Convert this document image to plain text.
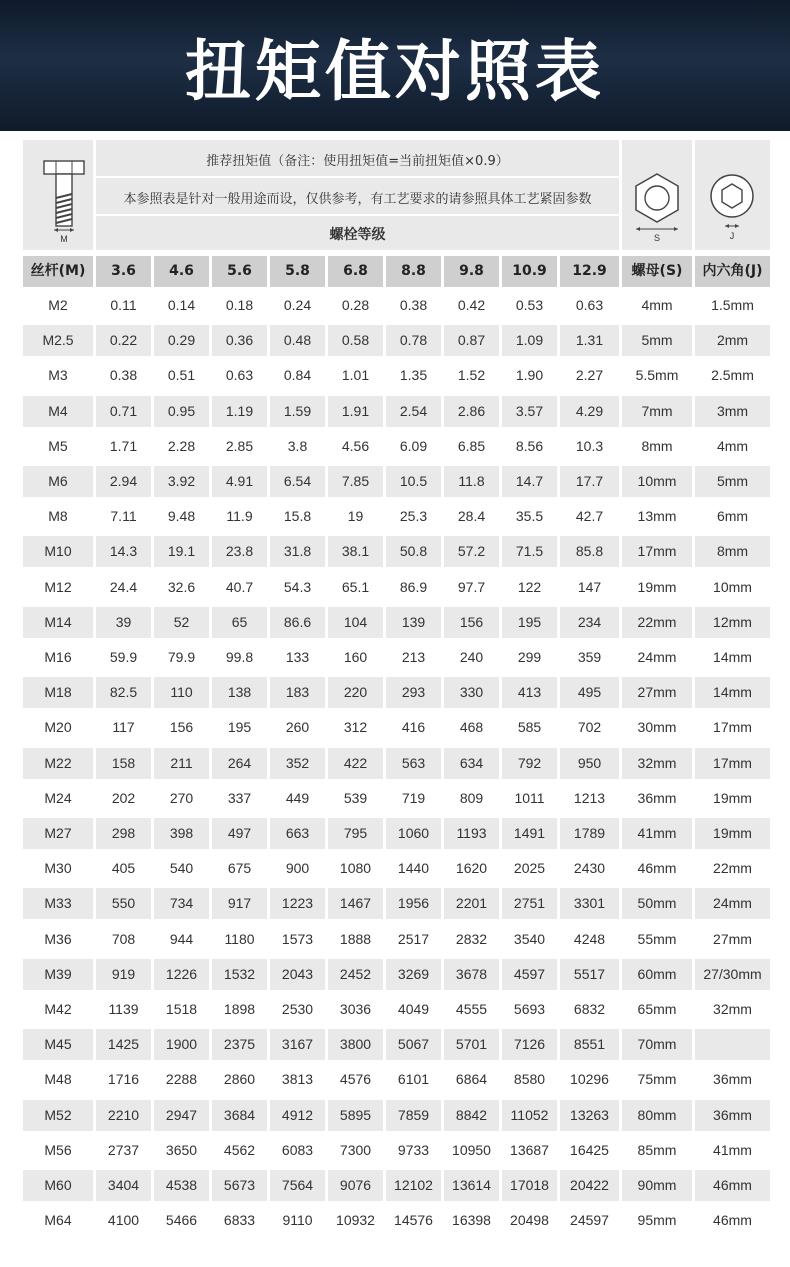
扭矩值对照表
M
推荐扭矩值（备注：使用扭矩值=当前扭矩值×0.9）
本参照表是针对一般用途而设，仅供参考，有工艺要求的请参照具体工艺紧固参数
螺栓等级	S	J
丝杆(M)	3.6	4.6	5.6	5.8	6.8	8.8	9.8	10.9	12.9	螺母(S)	内六角(J)
M2	0.11	0.14	0.18	0.24	0.28	0.38	0.42	0.53	0.63	4mm	1.5mm
M2.5	0.22	0.29	0.36	0.48	0.58	0.78	0.87	1.09	1.31	5mm	2mm
M3	0.38	0.51	0.63	0.84	1.01	1.35	1.52	1.90	2.27	5.5mm	2.5mm
M4	0.71	0.95	1.19	1.59	1.91	2.54	2.86	3.57	4.29	7mm	3mm
M5	1.71	2.28	2.85	3.8	4.56	6.09	6.85	8.56	10.3	8mm	4mm
M6	2.94	3.92	4.91	6.54	7.85	10.5	11.8	14.7	17.7	10mm	5mm
M8	7.11	9.48	11.9	15.8	19	25.3	28.4	35.5	42.7	13mm	6mm
M10	14.3	19.1	23.8	31.8	38.1	50.8	57.2	71.5	85.8	17mm	8mm
M12	24.4	32.6	40.7	54.3	65.1	86.9	97.7	122	147	19mm	10mm
M14	39	52	65	86.6	104	139	156	195	234	22mm	12mm
M16	59.9	79.9	99.8	133	160	213	240	299	359	24mm	14mm
M18	82.5	110	138	183	220	293	330	413	495	27mm	14mm
M20	117	156	195	260	312	416	468	585	702	30mm	17mm
M22	158	211	264	352	422	563	634	792	950	32mm	17mm
M24	202	270	337	449	539	719	809	1011	1213	36mm	19mm
M27	298	398	497	663	795	1060	1193	1491	1789	41mm	19mm
M30	405	540	675	900	1080	1440	1620	2025	2430	46mm	22mm
M33	550	734	917	1223	1467	1956	2201	2751	3301	50mm	24mm
M36	708	944	1180	1573	1888	2517	2832	3540	4248	55mm	27mm
M39	919	1226	1532	2043	2452	3269	3678	4597	5517	60mm	27/30mm
M42	1139	1518	1898	2530	3036	4049	4555	5693	6832	65mm	32mm
M45	1425	1900	2375	3167	3800	5067	5701	7126	8551	70mm
M48	1716	2288	2860	3813	4576	6101	6864	8580	10296	75mm	36mm
M52	2210	2947	3684	4912	5895	7859	8842	11052	13263	80mm	36mm
M56	2737	3650	4562	6083	7300	9733	10950	13687	16425	85mm	41mm
M60	3404	4538	5673	7564	9076	12102	13614	17018	20422	90mm	46mm
M64	4100	5466	6833	9110	10932	14576	16398	20498	24597	95mm	46mm
